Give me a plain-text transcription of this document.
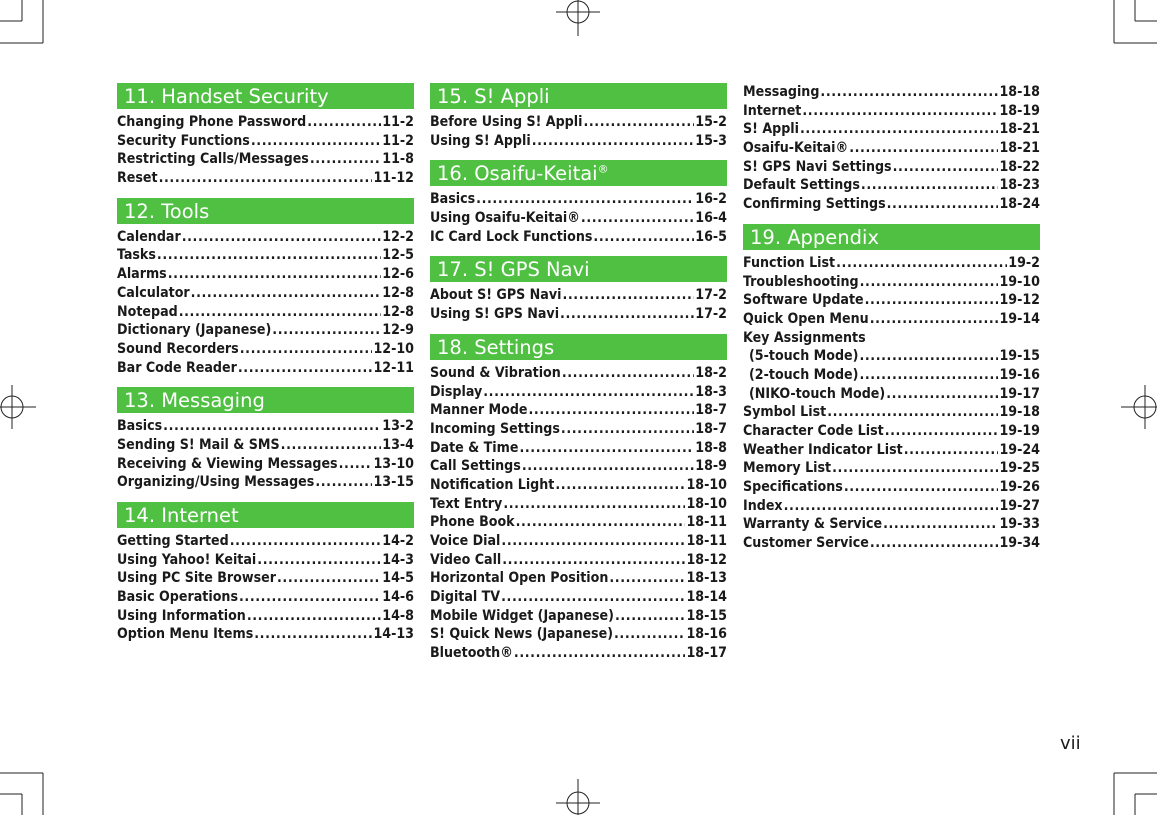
11. Handset Security
Changing Phone Password .....	11-2
Security Functions .....	11-2
Restricting Calls/Messages .....	11-8
Reset .....	11-12
12. Tools
Calendar .....	12-2
Tasks .....	12-5
Alarms .....	12-6
Calculator .....	12-8
Notepad .....	12-8
Dictionary (Japanese) .....	12-9
Sound Recorders .....	12-10
Bar Code Reader .....	12-11
13. Messaging
Basics .....	13-2
Sending S! Mail & SMS .....	13-4
Receiving & Viewing Messages .....	13-10
Organizing/Using Messages .....	13-15
14. Internet
Getting Started .....	14-2
Using Yahoo! Keitai .....	14-3
Using PC Site Browser .....	14-5
Basic Operations .....	14-6
Using Information .....	14-8
Option Menu Items .....	14-13
15. S! Appli
Before Using S! Appli .....	15-2
Using S! Appli .....	15-3
16. Osaifu-Keitai®
Basics .....	16-2
Using Osaifu-Keitai® .....	16-4
IC Card Lock Functions .....	16-5
17. S! GPS Navi
About S! GPS Navi .....	17-2
Using S! GPS Navi .....	17-2
18. Settings
Sound & Vibration .....	18-2
Display .....	18-3
Manner Mode .....	18-7
Incoming Settings .....	18-7
Date & Time .....	18-8
Call Settings .....	18-9
Notification Light .....	18-10
Text Entry .....	18-10
Phone Book .....	18-11
Voice Dial .....	18-11
Video Call .....	18-12
Horizontal Open Position .....	18-13
Digital TV .....	18-14
Mobile Widget (Japanese) .....	18-15
S! Quick News (Japanese) .....	18-16
Bluetooth® .....	18-17
Messaging .....	18-18
Internet .....	18-19
S! Appli .....	18-21
Osaifu-Keitai® .....	18-21
S! GPS Navi Settings .....	18-22
Default Settings .....	18-23
Confirming Settings .....	18-24
19. Appendix
Function List .....	19-2
Troubleshooting .....	19-10
Software Update .....	19-12
Quick Open Menu .....	19-14
Key Assignments
(5-touch Mode) .....	19-15
(2-touch Mode) .....	19-16
(NIKO-touch Mode) .....	19-17
Symbol List .....	19-18
Character Code List .....	19-19
Weather Indicator List .....	19-24
Memory List .....	19-25
Specifications .....	19-26
Index .....	19-27
Warranty & Service .....	19-33
Customer Service .....	19-34
vii
